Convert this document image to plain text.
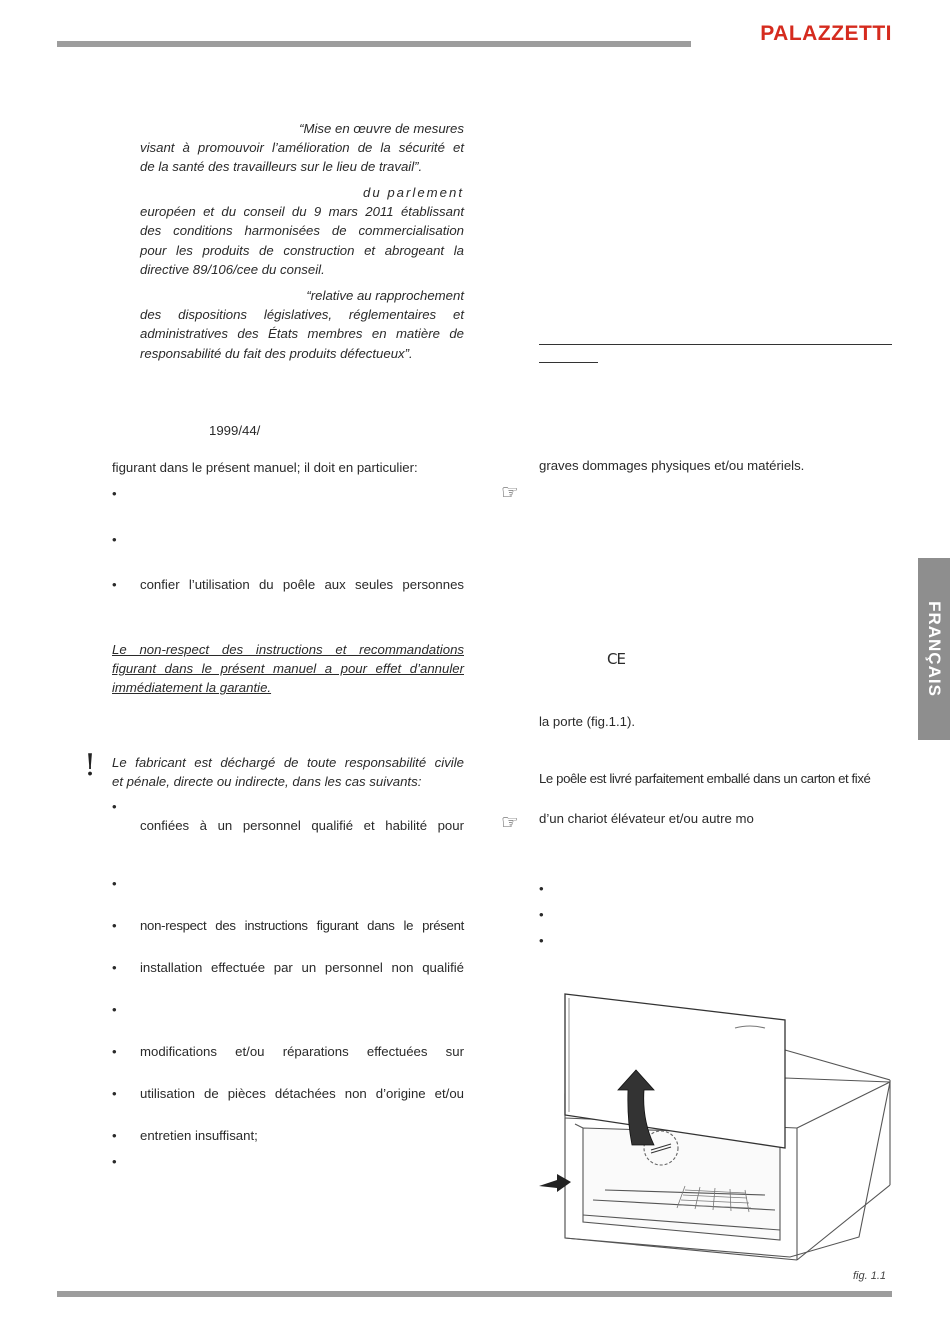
PALAZZETTI
FRANÇAIS
“Mise en œuvre de mesures
visant à promouvoir l’amélioration de la sécurité et
de la santé des travailleurs sur le lieu de travail”.
du parlement
européen et du conseil du 9 mars 2011 établissant
des conditions harmonisées de commercialisation
pour les produits de construction et abrogeant la
directive 89/106/cee du conseil.
“relative au rapprochement
des dispositions législatives, réglementaires et
administratives des États membres en matière de
responsabilité du fait des produits défectueux”.
1999/44/
figurant dans le présent manuel; il doit en particulier:
•
•
• confier l’utilisation du poêle aux seules personnes
Le non-respect des instructions et recommandations
figurant dans le présent manuel a pour effet d’annuler
immédiatement la garantie.
! Le fabricant est déchargé de toute responsabilité civile
et pénale, directe ou indirecte, dans les cas suivants:
•
confiées à un personnel qualifié et habilité pour
•
• non-respect des instructions figurant dans le présent
• installation effectuée par un personnel non qualifié
•
• modifications et/ou réparations effectuées sur
• utilisation de pièces détachées non d’origine et/ou
• entretien insuffisant;
•
graves dommages physiques et/ou matériels.
☞
CE
la porte (fig.1.1).
Le poêle est livré parfaitement emballé dans un carton et fixé
☞ d’un chariot élévateur et/ou autre mo
•
•
•
fig. 1.1
